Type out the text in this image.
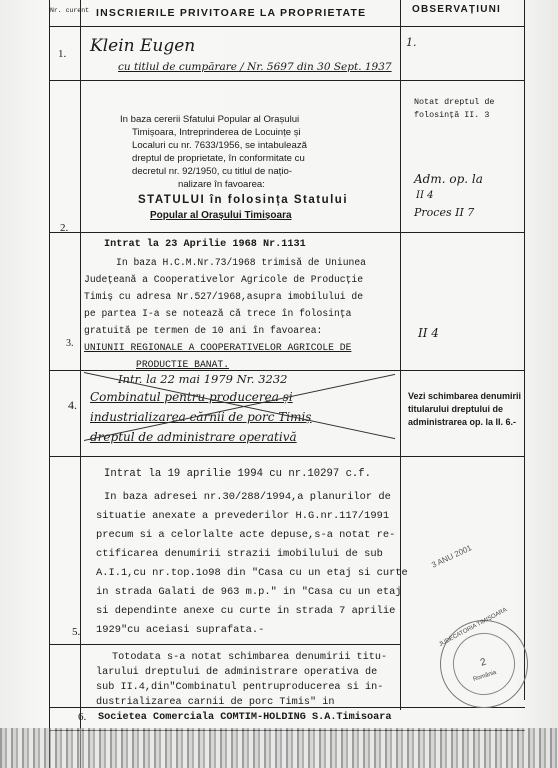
Nr. curent INSCRIERILE PRIVITOARE LA PROPRIETATE	OBSERVAȚIUNI
1. Klein Eugen
cu titlul de cumpărare / Nr. 5697 din 30 Sept. 1937
1.
2.
In baza cererii Sfatului Popular al Orașului
Timișoara, Intreprinderea de Locuințe și
Localuri cu nr. 7633/1956, se intabulează
dreptul de proprietate, în conformitate cu
decretul nr. 92/1950, cu titlul de națio-
nalizare în favoarea:
STATULUI în folosința Statului
Popular al Orașului Timișoara
Notat dreptul de folosință II. 3
Adm. op. la
II 4
Proces II 7
Intrat la 23 Aprilie 1968 Nr.1131
In baza H.C.M.Nr.73/1968 trimisă de Uniunea
Județeană a Cooperativelor Agricole de Producție
Timiș cu adresa Nr.527/1968,asupra imobilului de
pe partea I-a se notează că trece în folosința
gratuită pe termen de 10 ani în favoarea:
UNIUNII REGIONALE A COOPERATIVELOR AGRICOLE DE
PRODUCTIE BANAT.
3.
II 4
4.
Intr. la 22 mai 1979 Nr. 3232
Combinatul pentru producerea și
industrializarea cărnii de porc Timiș
dreptul de administrare operativă
Vezi schimbarea denumirii titularului dreptului de administrarea op. la II. 6.-
Intrat la 19 aprilie 1994 cu nr.10297 c.f.
In baza adresei nr.30/288/1994,a planurilor de
situatie anexate a prevederilor H.G.nr.117/1991
precum si a celorlalte acte depuse,s-a notat re-
ctificarea denumirii strazii imobilului de sub
A.I.1,cu nr.top.1o98 din "Casa cu un etaj si curte
in strada Galati de 963 m.p." in "Casa cu un etaj
si dependinte anexe cu curte in strada 7 aprilie
1929"cu aceiasi suprafata.-
5.
3 ANU 2001
Totodata s-a notat schimbarea denumirii titu-
larului dreptului de administrare operativa de
sub II.4,din"Combinatul pentruproducerea si in-
dustrializarea carnii de porc Timis" in
6. Societea Comerciala COMTIM-HOLDING S.A.Timisoara
JUDECATORIA TIMIȘOARA
2
România
